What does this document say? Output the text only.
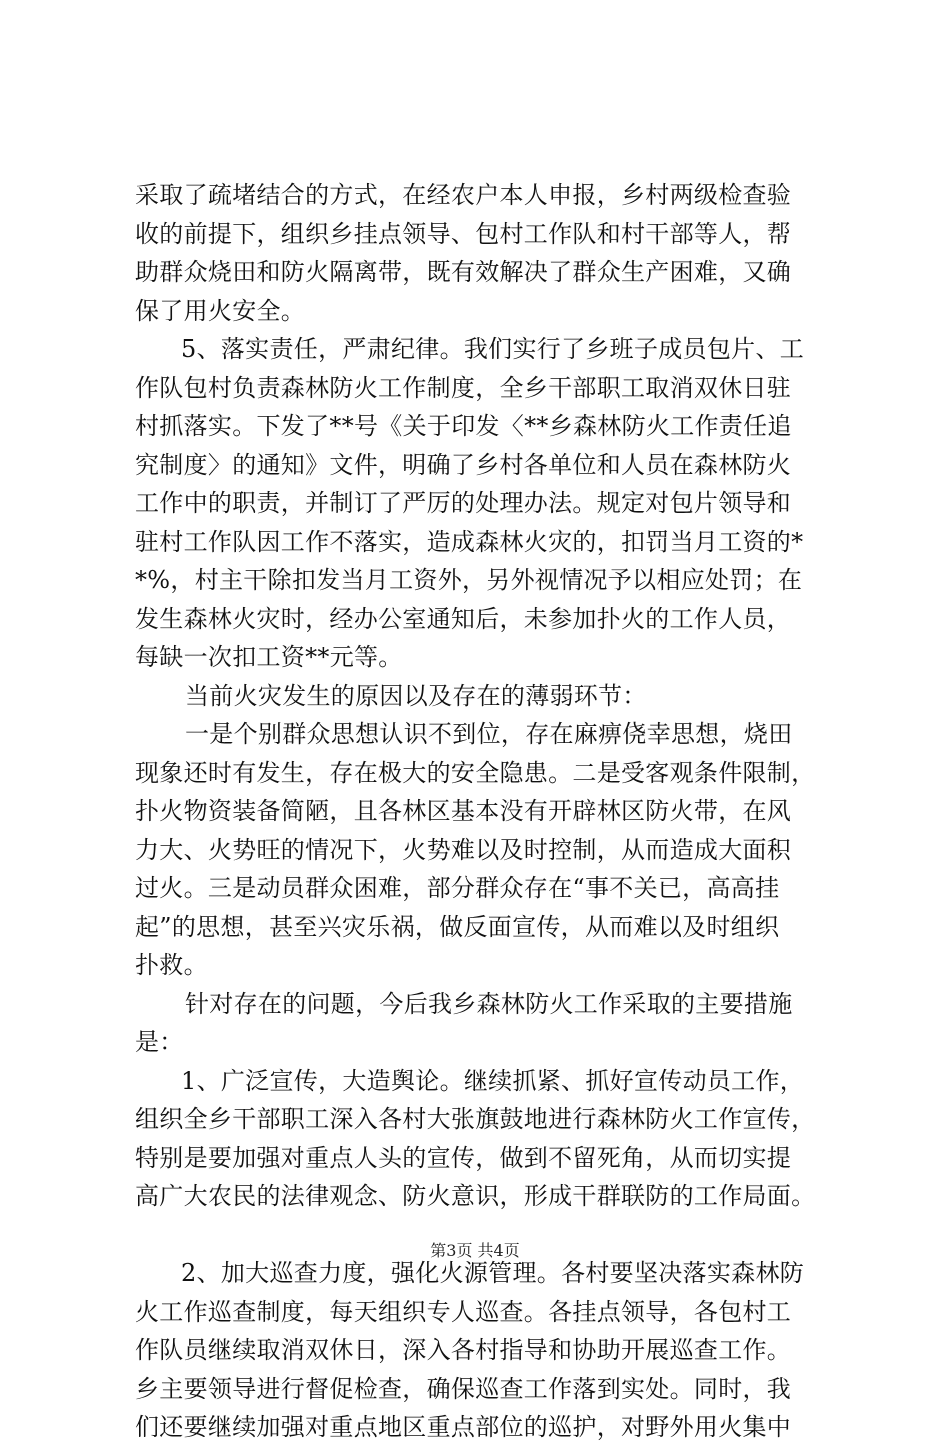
采取了疏堵结合的方式，在经农户本人申报，乡村两级检查验
收的前提下，组织乡挂点领导、包村工作队和村干部等人，帮
助群众烧田和防火隔离带，既有效解决了群众生产困难，又确
保了用火安全。
5、落实责任，严肃纪律。我们实行了乡班子成员包片、工
作队包村负责森林防火工作制度，全乡干部职工取消双休日驻
村抓落实。下发了**号《关于印发〈**乡森林防火工作责任追
究制度〉的通知》文件，明确了乡村各单位和人员在森林防火
工作中的职责，并制订了严厉的处理办法。规定对包片领导和
驻村工作队因工作不落实，造成森林火灾的，扣罚当月工资的*
*%，村主干除扣发当月工资外，另外视情况予以相应处罚；在
发生森林火灾时，经办公室通知后，未参加扑火的工作人员，
每缺一次扣工资**元等。
当前火灾发生的原因以及存在的薄弱环节：
一是个别群众思想认识不到位，存在麻痹侥幸思想，烧田
现象还时有发生，存在极大的安全隐患。二是受客观条件限制，
扑火物资装备简陋，且各林区基本没有开辟林区防火带，在风
力大、火势旺的情况下，火势难以及时控制，从而造成大面积
过火。三是动员群众困难，部分群众存在“事不关已，高高挂
起”的思想，甚至兴灾乐祸，做反面宣传，从而难以及时组织
扑救。
针对存在的问题，今后我乡森林防火工作采取的主要措施
是：
1、广泛宣传，大造舆论。继续抓紧、抓好宣传动员工作，
组织全乡干部职工深入各村大张旗鼓地进行森林防火工作宣传，
特别是要加强对重点人头的宣传，做到不留死角，从而切实提
高广大农民的法律观念、防火意识，形成干群联防的工作局面。
2、加大巡查力度，强化火源管理。各村要坚决落实森林防
火工作巡查制度，每天组织专人巡查。各挂点领导，各包村工
作队员继续取消双休日，深入各村指导和协助开展巡查工作。
乡主要领导进行督促检查，确保巡查工作落到实处。同时，我
们还要继续加强对重点地区重点部位的巡护，对野外用火集中
第3页 共4页
